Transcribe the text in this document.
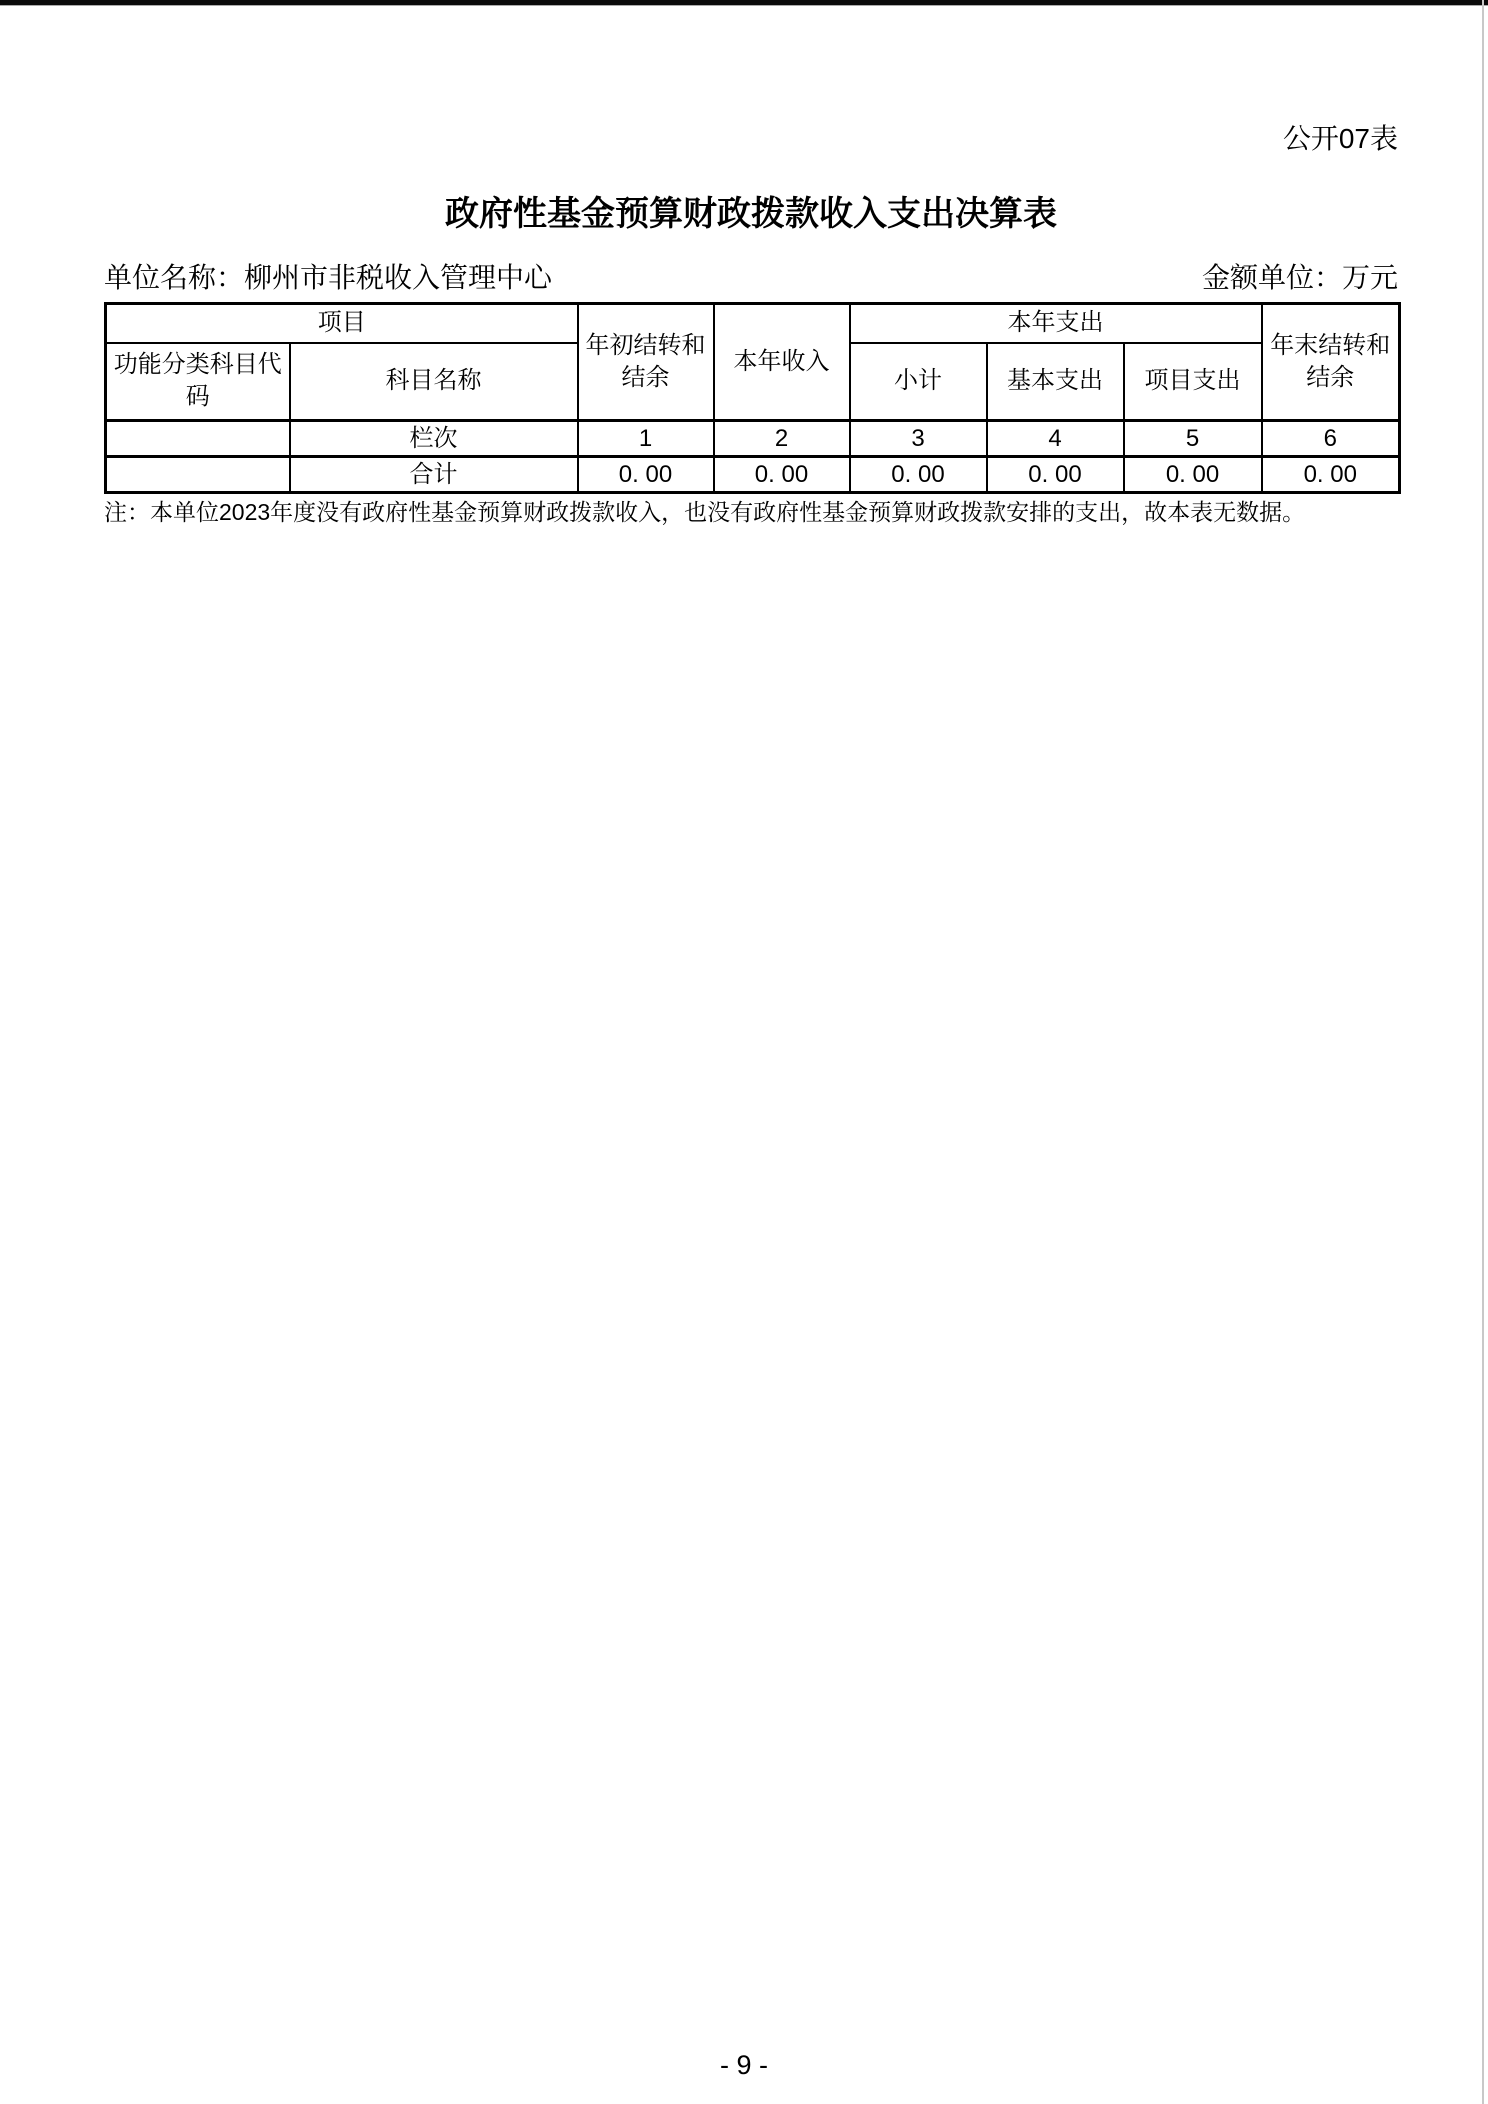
公开07表
政府性基金预算财政拨款收入支出决算表
单位名称：柳州市非税收入管理中心	金额单位：万元
项目		年初结转和结余	本年收入	本年支出			年末结转和结余
功能分类科目代码	科目名称			小计	基本支出	项目支出	
	栏次	1	2	3	4	5	6
	合计	0. 00	0. 00	0. 00	0. 00	0. 00	0. 00
注：本单位2023年度没有政府性基金预算财政拨款收入，也没有政府性基金预算财政拨款安排的支出，故本表无数据。
- 9 -
